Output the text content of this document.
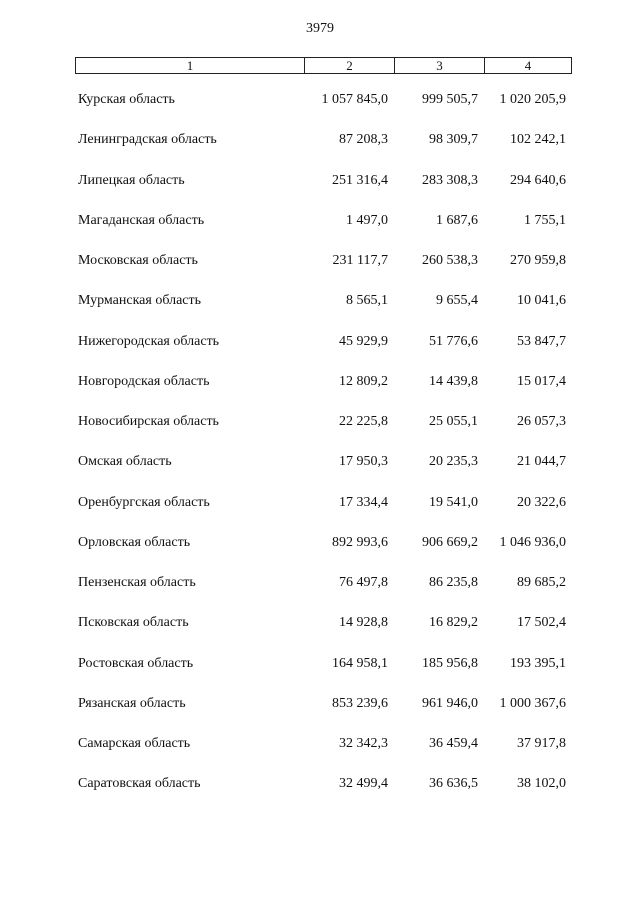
3979
1	2	3	4
Курская область	1 057 845,0	999 505,7	1 020 205,9
Ленинградская область	87 208,3	98 309,7	102 242,1
Липецкая область	251 316,4	283 308,3	294 640,6
Магаданская область	1 497,0	1 687,6	1 755,1
Московская область	231 117,7	260 538,3	270 959,8
Мурманская область	8 565,1	9 655,4	10 041,6
Нижегородская область	45 929,9	51 776,6	53 847,7
Новгородская область	12 809,2	14 439,8	15 017,4
Новосибирская область	22 225,8	25 055,1	26 057,3
Омская область	17 950,3	20 235,3	21 044,7
Оренбургская область	17 334,4	19 541,0	20 322,6
Орловская область	892 993,6	906 669,2	1 046 936,0
Пензенская область	76 497,8	86 235,8	89 685,2
Псковская область	14 928,8	16 829,2	17 502,4
Ростовская область	164 958,1	185 956,8	193 395,1
Рязанская область	853 239,6	961 946,0	1 000 367,6
Самарская область	32 342,3	36 459,4	37 917,8
Саратовская область	32 499,4	36 636,5	38 102,0
